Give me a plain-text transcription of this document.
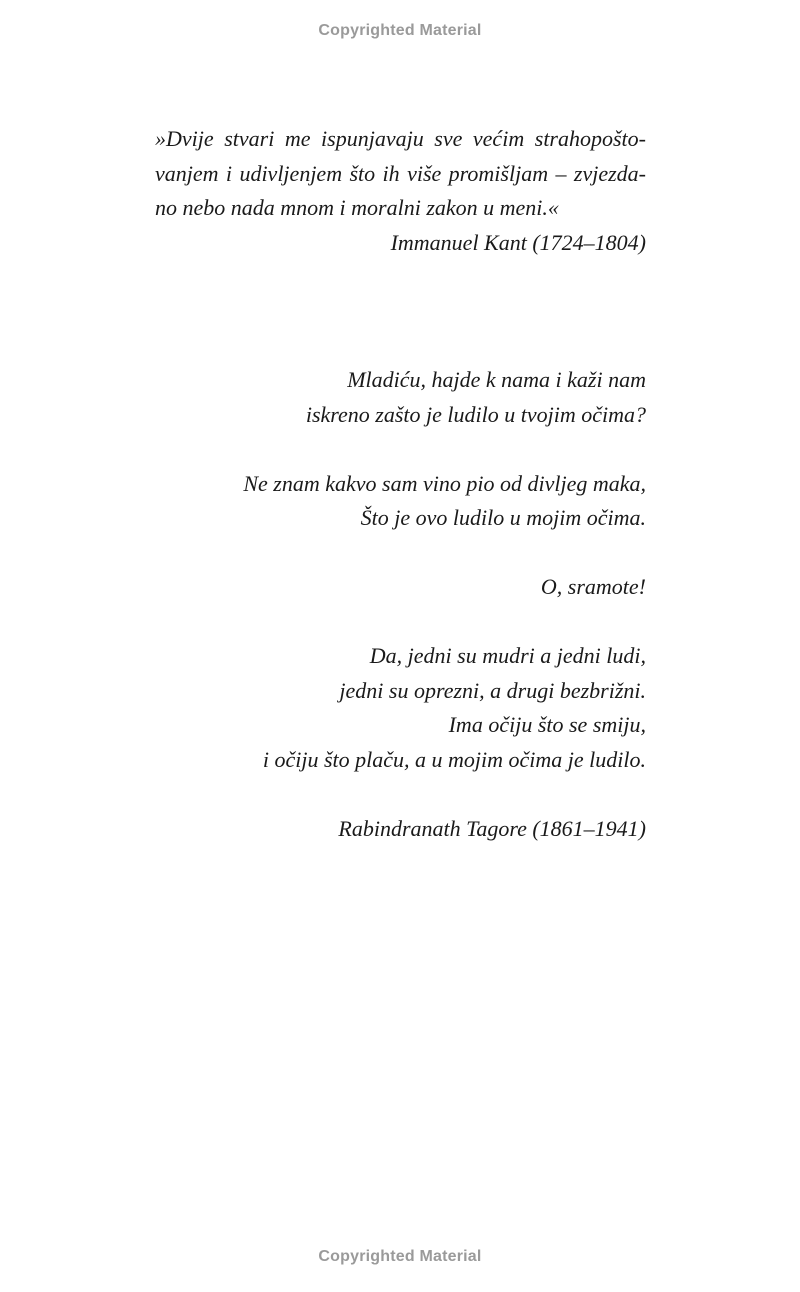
Copyrighted Material
»Dvije stvari me ispunjavaju sve većim strahopošto-
vanjem i udivljenjem što ih više promišljam – zvjezda-
no nebo nada mnom i moralni zakon u meni.«
Immanuel Kant (1724–1804)
Mladiću, hajde k nama i kaži nam
iskreno zašto je ludilo u tvojim očima?
Ne znam kakvo sam vino pio od divljeg maka,
Što je ovo ludilo u mojim očima.
O, sramote!
Da, jedni su mudri a jedni ludi,
jedni su oprezni, a drugi bezbrižni.
Ima očiju što se smiju,
i očiju što plaču, a u mojim očima je ludilo.
Rabindranath Tagore (1861–1941)
Copyrighted Material
